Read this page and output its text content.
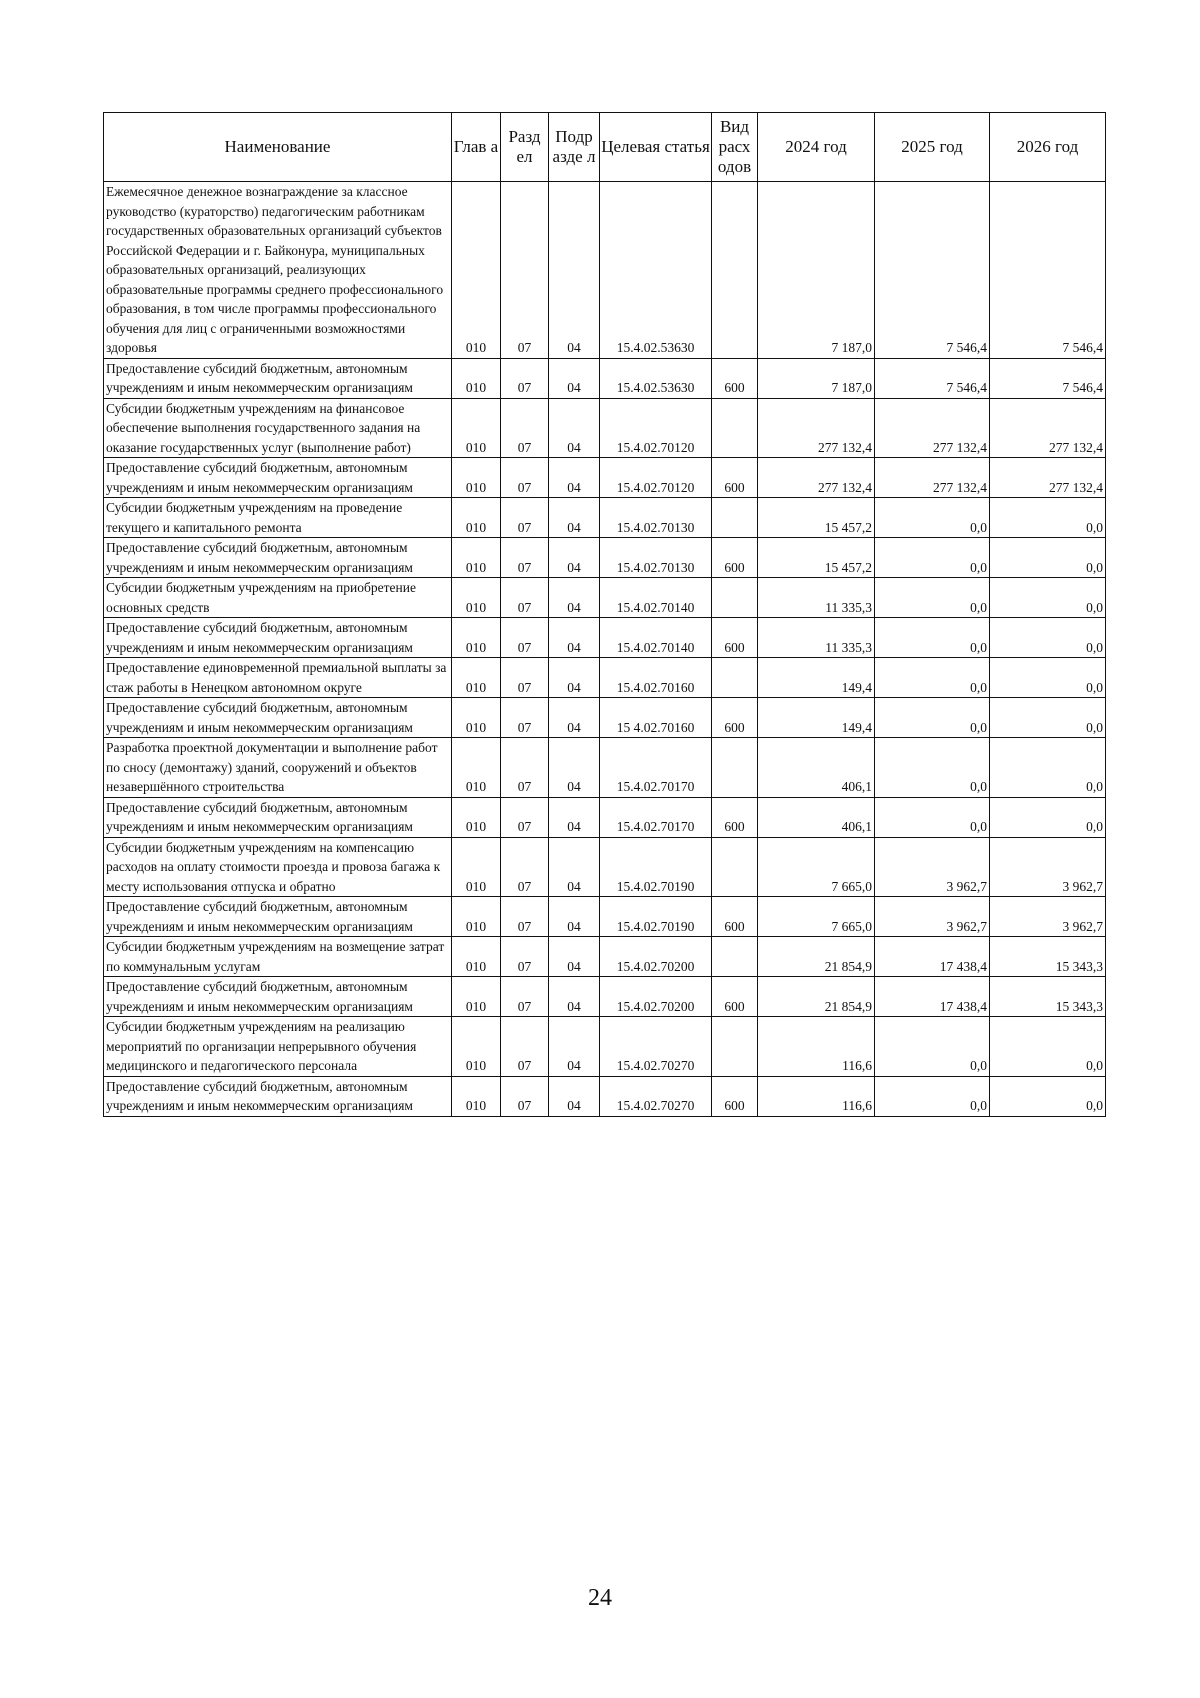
Наименование	Глав а	Разд ел	Подр азде л	Целевая статья	Вид расх одов	2024 год	2025 год	2026 год
Ежемесячное денежное вознаграждение за классное руководство (кураторство) педагогическим работникам государственных образовательных организаций субъектов Российской Федерации и г. Байконура, муниципальных образовательных организаций, реализующих образовательные программы среднего профессионального образования, в том числе программы профессионального обучения для лиц с ограниченными возможностями здоровья	010	07	04	15.4.02.53630		7 187,0	7 546,4	7 546,4
Предоставление субсидий бюджетным, автономным учреждениям и иным некоммерческим организациям	010	07	04	15.4.02.53630	600	7 187,0	7 546,4	7 546,4
Субсидии бюджетным учреждениям на финансовое обеспечение выполнения государственного задания на оказание государственных услуг (выполнение работ)	010	07	04	15.4.02.70120		277 132,4	277 132,4	277 132,4
Предоставление субсидий бюджетным, автономным учреждениям и иным некоммерческим организациям	010	07	04	15.4.02.70120	600	277 132,4	277 132,4	277 132,4
Субсидии бюджетным учреждениям на проведение текущего и капитального ремонта	010	07	04	15.4.02.70130		15 457,2	0,0	0,0
Предоставление субсидий бюджетным, автономным учреждениям и иным некоммерческим организациям	010	07	04	15.4.02.70130	600	15 457,2	0,0	0,0
Субсидии бюджетным учреждениям на приобретение основных средств	010	07	04	15.4.02.70140		11 335,3	0,0	0,0
Предоставление субсидий бюджетным, автономным учреждениям и иным некоммерческим организациям	010	07	04	15.4.02.70140	600	11 335,3	0,0	0,0
Предоставление единовременной премиальной выплаты за стаж работы в Ненецком автономном округе	010	07	04	15.4.02.70160		149,4	0,0	0,0
Предоставление субсидий бюджетным, автономным учреждениям и иным некоммерческим организациям	010	07	04	15 4.02.70160	600	149,4	0,0	0,0
Разработка проектной документации и выполнение работ по сносу (демонтажу) зданий, сооружений и объектов незавершённого строительства	010	07	04	15.4.02.70170		406,1	0,0	0,0
Предоставление субсидий бюджетным, автономным учреждениям и иным некоммерческим организациям	010	07	04	15.4.02.70170	600	406,1	0,0	0,0
Субсидии бюджетным учреждениям на компенсацию расходов на оплату стоимости проезда и провоза багажа к месту использования отпуска и обратно	010	07	04	15.4.02.70190		7 665,0	3 962,7	3 962,7
Предоставление субсидий бюджетным, автономным учреждениям и иным некоммерческим организациям	010	07	04	15.4.02.70190	600	7 665,0	3 962,7	3 962,7
Субсидии бюджетным учреждениям на возмещение затрат по коммунальным услугам	010	07	04	15.4.02.70200		21 854,9	17 438,4	15 343,3
Предоставление субсидий бюджетным, автономным учреждениям и иным некоммерческим организациям	010	07	04	15.4.02.70200	600	21 854,9	17 438,4	15 343,3
Субсидии бюджетным учреждениям на реализацию мероприятий по организации непрерывного обучения медицинского и педагогического персонала	010	07	04	15.4.02.70270		116,6	0,0	0,0
Предоставление субсидий бюджетным, автономным учреждениям и иным некоммерческим организациям	010	07	04	15.4.02.70270	600	116,6	0,0	0,0
24
